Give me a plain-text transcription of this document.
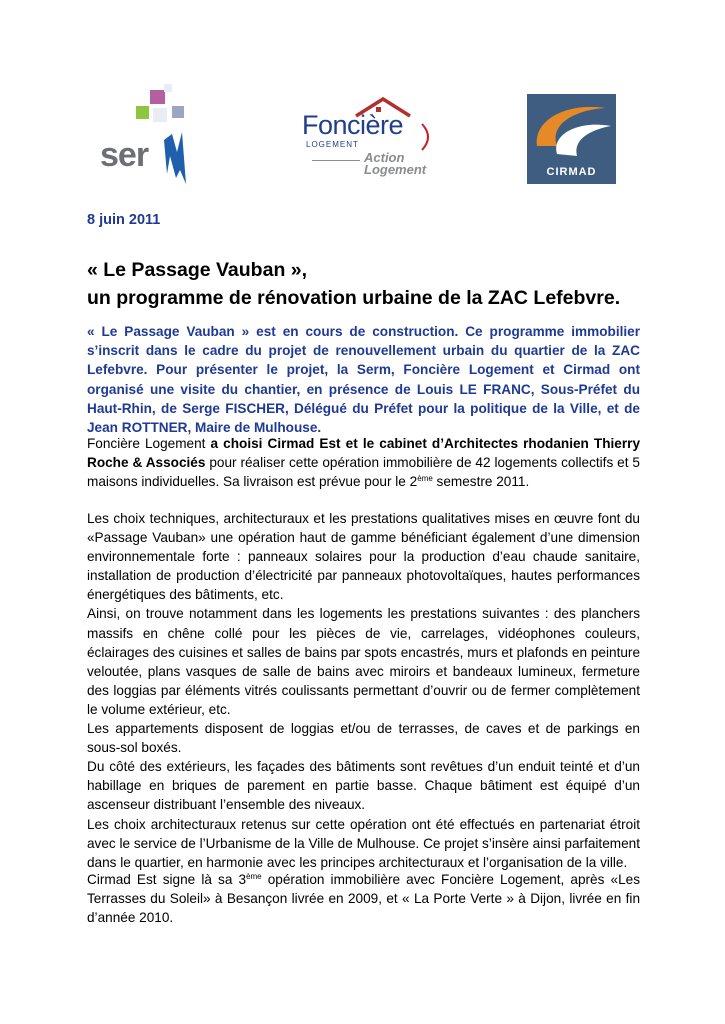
ser
Foncière
LOGEMENT
Action
Logement	CIRMAD
8 juin 2011
« Le Passage Vauban »,
un programme de rénovation urbaine de la ZAC Lefebvre.

« Le Passage Vauban » est en cours de construction. Ce programme immobilier s’inscrit dans le cadre du projet de renouvellement urbain du quartier de la ZAC Lefebvre. Pour présenter le projet, la Serm, Foncière Logement et Cirmad ont organisé une visite du chantier, en présence de Louis LE FRANC, Sous-Préfet du Haut-Rhin, de Serge FISCHER, Délégué du Préfet pour la politique de la Ville, et de Jean ROTTNER, Maire de Mulhouse.

Foncière Logement a choisi Cirmad Est et le cabinet d’Architectes rhodanien Thierry Roche & Associés pour réaliser cette opération immobilière de 42 logements collectifs et 5 maisons individuelles. Sa livraison est prévue pour le 2ème semestre 2011.

Les choix techniques, architecturaux et les prestations qualitatives mises en œuvre font du «Passage Vauban» une opération haut de gamme bénéficiant également d’une dimension environnementale forte : panneaux solaires pour la production d’eau chaude sanitaire, installation de production d’électricité par panneaux photovoltaïques, hautes performances énergétiques des bâtiments, etc.
Ainsi, on trouve notamment dans les logements les prestations suivantes : des planchers massifs en chêne collé pour les pièces de vie, carrelages, vidéophones couleurs, éclairages des cuisines et salles de bains par spots encastrés, murs et plafonds en peinture veloutée, plans vasques de salle de bains avec miroirs et bandeaux lumineux, fermeture des loggias par éléments vitrés coulissants permettant d’ouvrir ou de fermer complètement le volume extérieur, etc.
Les appartements disposent de loggias et/ou de terrasses, de caves et de parkings en sous-sol boxés.
Du côté des extérieurs, les façades des bâtiments sont revêtues d’un enduit teinté et d’un habillage en briques de parement en partie basse. Chaque bâtiment est équipé d’un ascenseur distribuant l’ensemble des niveaux.
Les choix architecturaux retenus sur cette opération ont été effectués en partenariat étroit avec le service de l’Urbanisme de la Ville de Mulhouse. Ce projet s’insère ainsi parfaitement dans le quartier, en harmonie avec les principes architecturaux et l’organisation de la ville.

Cirmad Est signe là sa 3ème opération immobilière avec Foncière Logement, après «Les Terrasses du Soleil» à Besançon livrée en 2009, et « La Porte Verte » à Dijon, livrée en fin d’année 2010.
